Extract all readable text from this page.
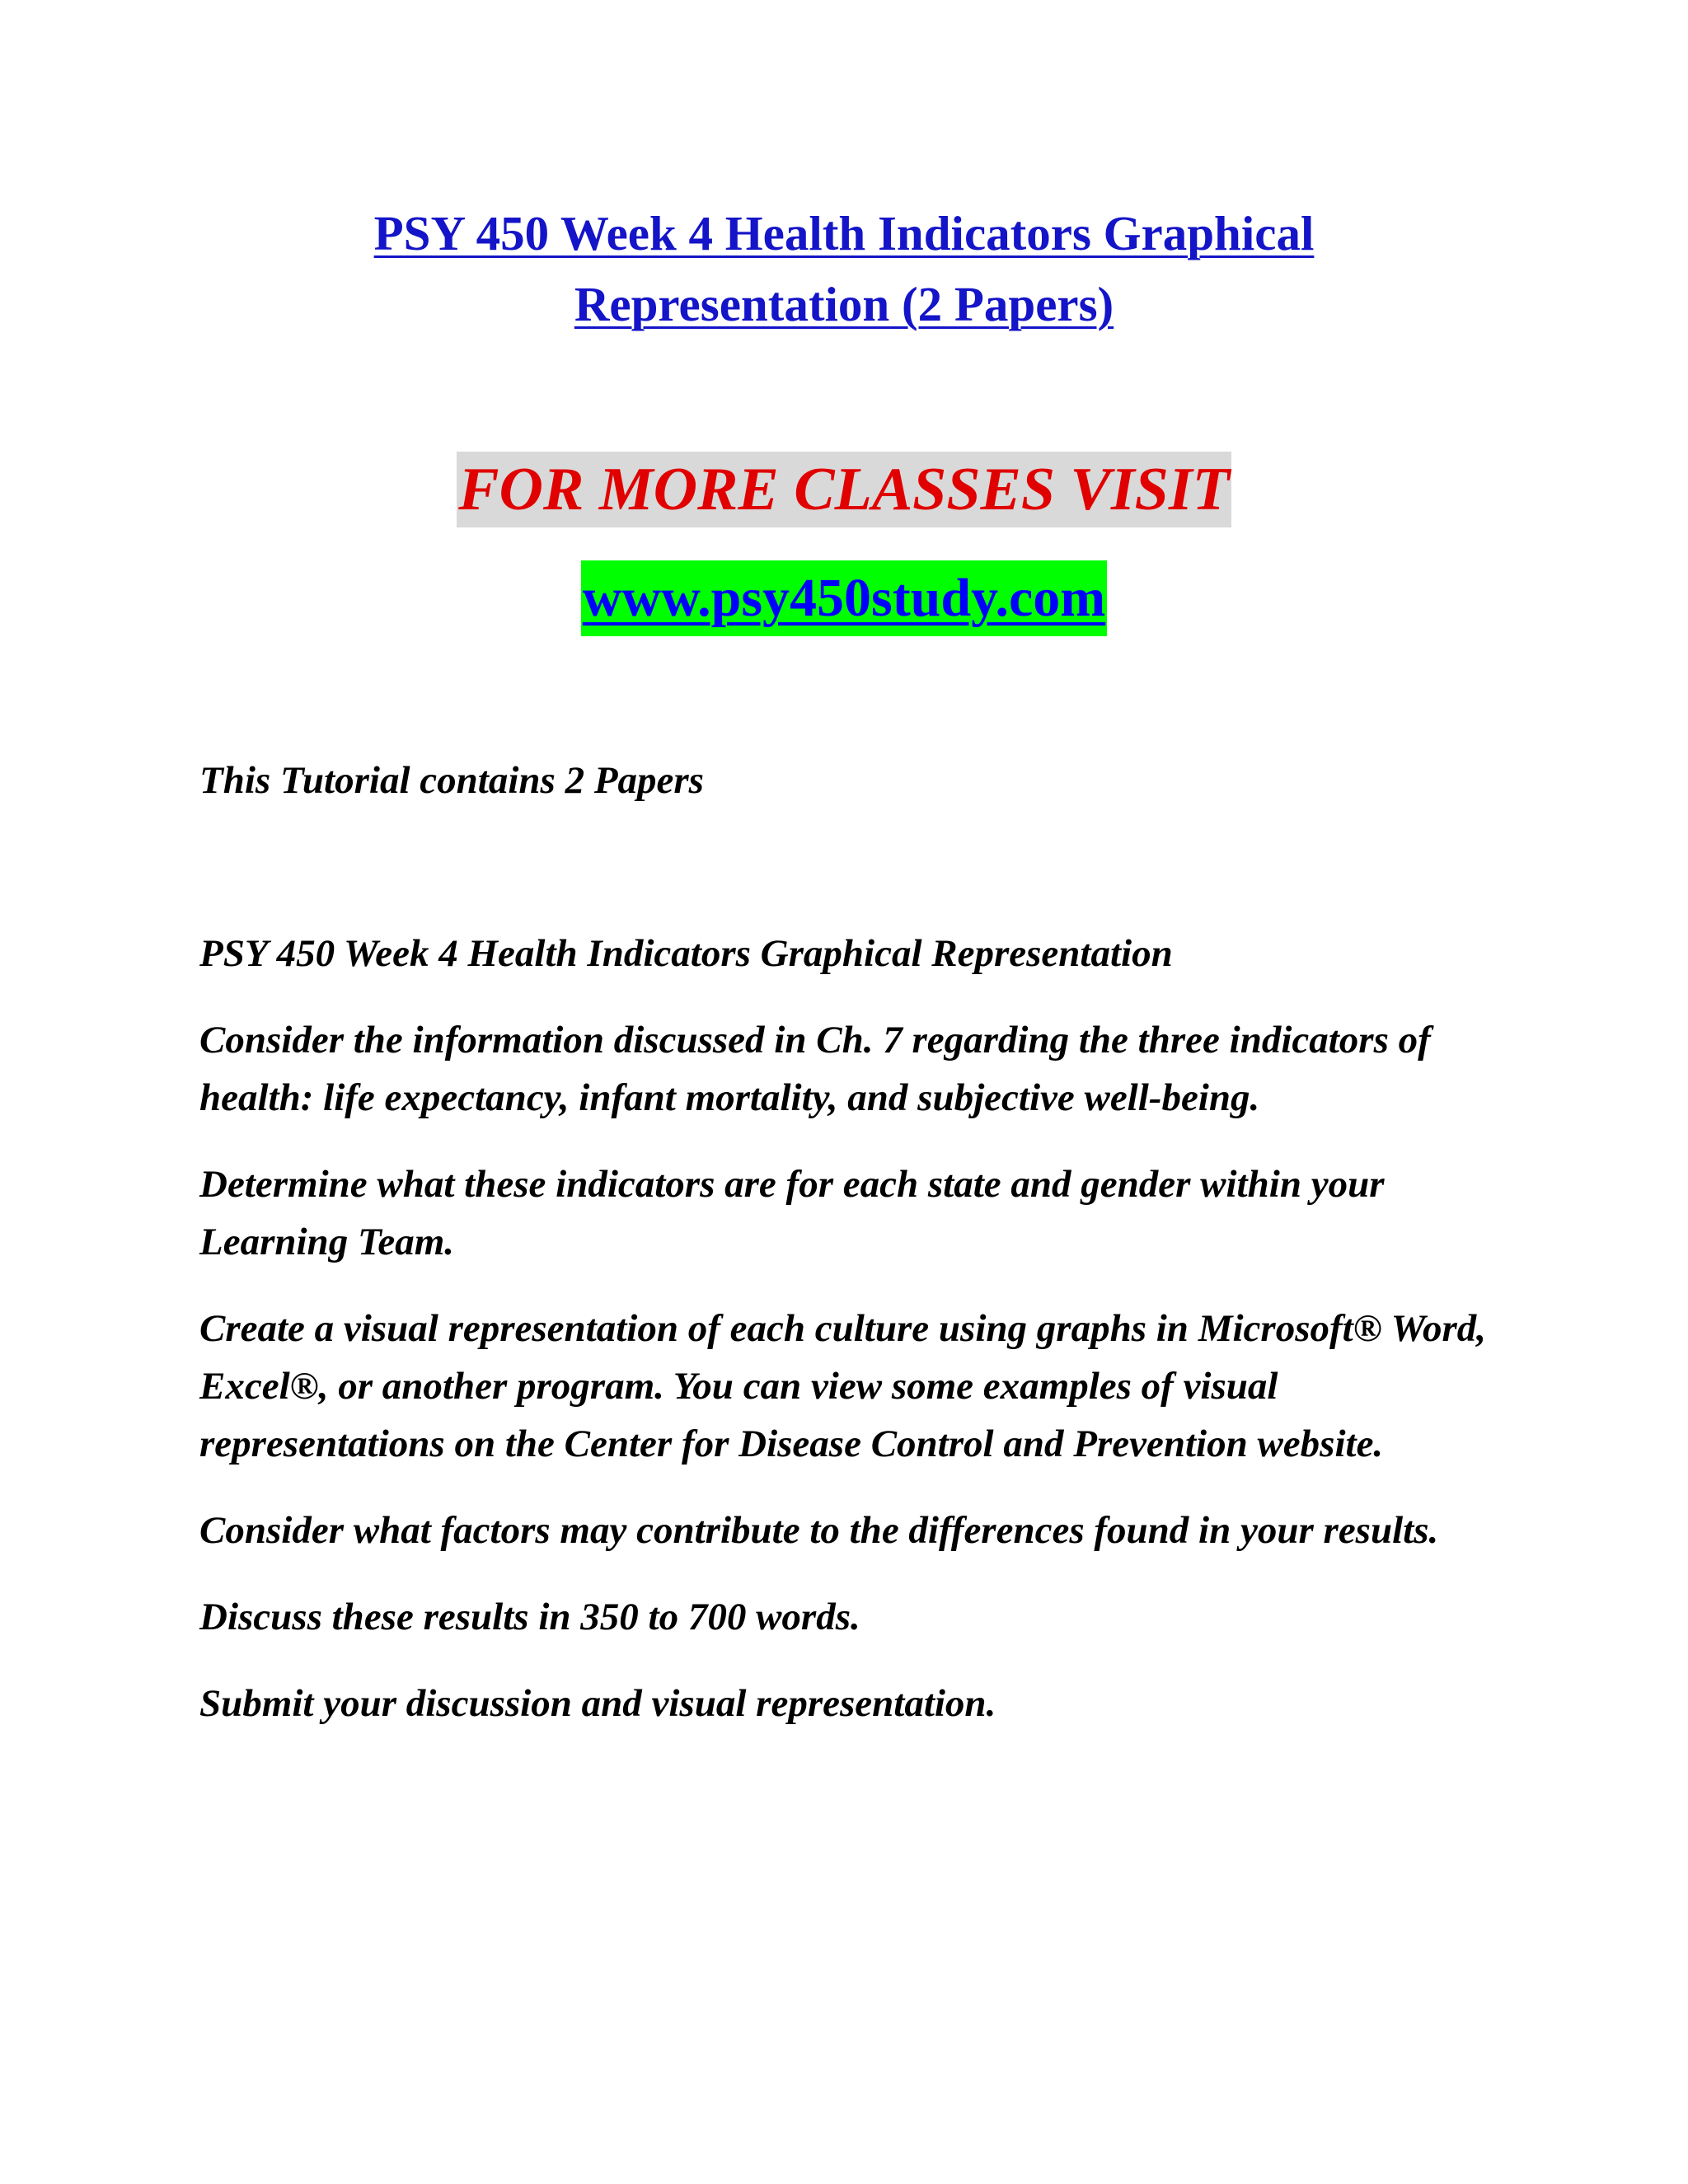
PSY 450 Week 4 Health Indicators Graphical
Representation (2 Papers)
FOR MORE CLASSES VISIT
www.psy450study.com

This Tutorial contains 2 Papers

PSY 450 Week 4 Health Indicators Graphical Representation

Consider the information discussed in Ch. 7 regarding the three indicators of health: life expectancy, infant mortality, and subjective well-being.

Determine what these indicators are for each state and gender within your Learning Team.

Create a visual representation of each culture using graphs in Microsoft® Word, Excel®, or another program. You can view some examples of visual representations on the Center for Disease Control and Prevention website.

Consider what factors may contribute to the differences found in your results.

Discuss these results in 350 to 700 words.

Submit your discussion and visual representation.
